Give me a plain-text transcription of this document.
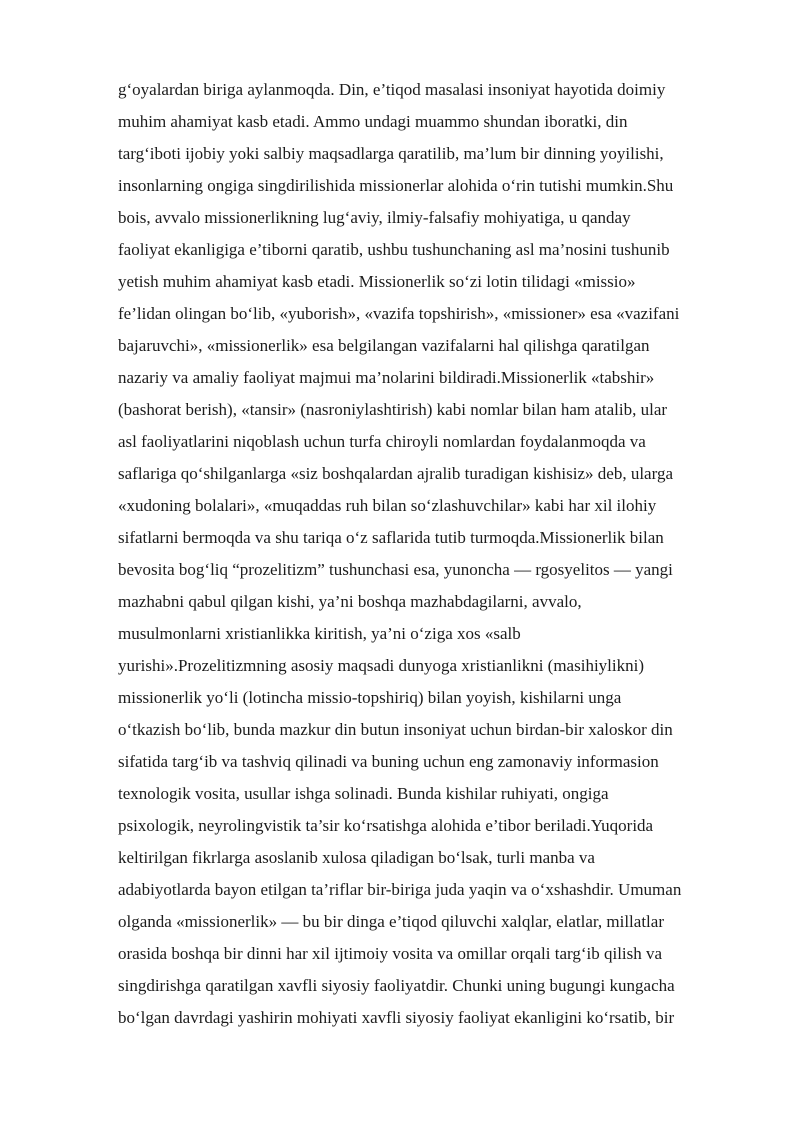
g‘oyalardan biriga aylanmoqda. Din, e’tiqod masalasi insoniyat hayotida doimiy
muhim ahamiyat kasb etadi. Ammo undagi muammo shundan iboratki, din
targ‘iboti ijobiy yoki salbiy maqsadlarga qaratilib, ma’lum bir dinning yoyilishi,
insonlarning ongiga singdirilishida missionerlar alohida o‘rin tutishi mumkin.Shu
bois, avvalo missionerlikning lug‘aviy, ilmiy-falsafiy mohiyatiga, u qanday
faoliyat ekanligiga e’tiborni qaratib, ushbu tushunchaning asl ma’nosini tushunib
yetish muhim ahamiyat kasb etadi. Missionerlik so‘zi lotin tilidagi «missio»
fe’lidan olingan bo‘lib, «yuborish», «vazifa topshirish», «missioner» esa «vazifani
bajaruvchi», «missionerlik» esa belgilangan vazifalarni hal qilishga qaratilgan
nazariy va amaliy faoliyat majmui ma’nolarini bildiradi.Missionerlik «tabshir»
(bashorat berish), «tansir» (nasroniylashtirish) kabi nomlar bilan ham atalib, ular
asl faoliyatlarini niqoblash uchun turfa chiroyli nomlardan foydalanmoqda va
saflariga qo‘shilganlarga «siz boshqalardan ajralib turadigan kishisiz» deb, ularga
«xudoning bolalari», «muqaddas ruh bilan so‘zlashuvchilar» kabi har xil ilohiy
sifatlarni bermoqda va shu tariqa o‘z saflarida tutib turmoqda.Missionerlik bilan
bevosita bog‘liq “prozelitizm” tushunchasi esa, yunoncha — rgosyelitos — yangi
mazhabni qabul qilgan kishi, ya’ni boshqa mazhabdagilarni, avvalo,
musulmonlarni xristianlikka kiritish, ya’ni o‘ziga xos «salb
yurishi».Prozelitizmning asosiy maqsadi dunyoga xristianlikni (masihiylikni)
missionerlik yo‘li (lotincha missio-topshiriq) bilan yoyish, kishilarni unga
o‘tkazish bo‘lib, bunda mazkur din butun insoniyat uchun birdan-bir xaloskor din
sifatida targ‘ib va tashviq qilinadi va buning uchun eng zamonaviy informasion
texnologik vosita, usullar ishga solinadi. Bunda kishilar ruhiyati, ongiga
psixologik, neyrolingvistik ta’sir ko‘rsatishga alohida e’tibor beriladi.Yuqorida
keltirilgan fikrlarga asoslanib xulosa qiladigan bo‘lsak, turli manba va
adabiyotlarda bayon etilgan ta’riflar bir-biriga juda yaqin va o‘xshashdir. Umuman
olganda «missionerlik» — bu bir dinga e’tiqod qiluvchi xalqlar, elatlar, millatlar
orasida boshqa bir dinni har xil ijtimoiy vosita va omillar orqali targ‘ib qilish va
singdirishga qaratilgan xavfli siyosiy faoliyatdir. Chunki uning bugungi kungacha
bo‘lgan davrdagi yashirin mohiyati xavfli siyosiy faoliyat ekanligini ko‘rsatib, bir
